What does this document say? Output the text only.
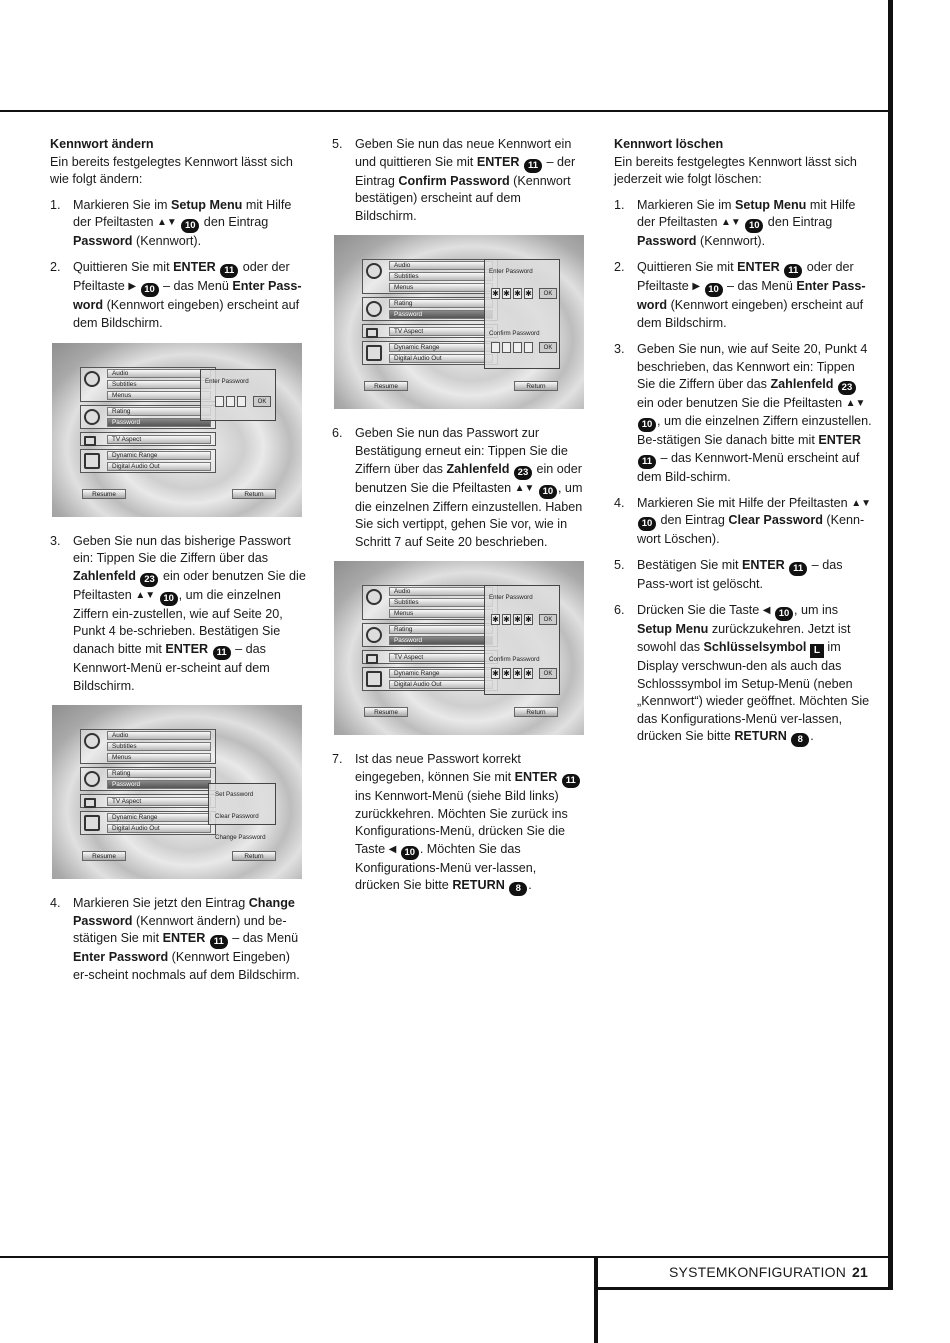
SYSTEMKONFIGURATION 21
Kennwort ändern
Ein bereits festgelegtes Kennwort lässt sich wie folgt ändern:
1. Markieren Sie im Setup Menu mit Hilfe der Pfeiltasten ▲▼ 10 den Eintrag Password (Kennwort).
2. Quittieren Sie mit ENTER 11 oder der Pfeiltaste ▶ 10 – das Menü Enter Pass-word (Kennwort eingeben) erscheint auf dem Bildschirm.
Audio
Subtitles
Menus
Rating
Password
TV Aspect
Dynamic Range
Digital Audio Out
Enter Password
OK
Resume	Return
3. Geben Sie nun das bisherige Passwort ein: Tippen Sie die Ziffern über das Zahlenfeld 23 ein oder benutzen Sie die Pfeiltasten ▲▼ 10 , um die einzelnen Ziffern ein-zustellen, wie auf Seite 20, Punkt 4 be-schrieben. Bestätigen Sie danach bitte mit ENTER 11 – das Kennwort-Menü er-scheint auf dem Bildschirm.
Audio
Subtitles
Menus
Rating
Password
TV Aspect
Dynamic Range
Digital Audio Out
Set Password
Clear Password
Change Password
Resume	Return
4. Markieren Sie jetzt den Eintrag Change Password (Kennwort ändern) und be-stätigen Sie mit ENTER 11 – das Menü Enter Password (Kennwort Eingeben) er-scheint nochmals auf dem Bildschirm.
5. Geben Sie nun das neue Kennwort ein und quittieren Sie mit ENTER 11 – der Eintrag Confirm Password (Kennwort bestätigen) erscheint auf dem Bildschirm.
Audio
Subtitles
Menus
Rating
Password
TV Aspect
Dynamic Range
Digital Audio Out
Enter Password
✱ ✱ ✱ ✱	OK
Confirm Password
OK
Resume	Return
6. Geben Sie nun das Passwort zur Bestätigung erneut ein: Tippen Sie die Ziffern über das Zahlenfeld 23 ein oder benutzen Sie die Pfeiltasten ▲▼ 10 , um die einzelnen Ziffern einzustellen. Haben Sie sich vertippt, gehen Sie vor, wie in Schritt 7 auf Seite 20 beschrieben.
Audio
Subtitles
Menus
Rating
Password
TV Aspect
Dynamic Range
Digital Audio Out
Enter Password
✱ ✱ ✱ ✱	OK
Confirm Password
✱ ✱ ✱ ✱	OK
Resume	Return
7. Ist das neue Passwort korrekt eingegeben, können Sie mit ENTER 11 ins Kennwort-Menü (siehe Bild links) zurückkehren. Möchten Sie zurück ins Konfigurations-Menü, drücken Sie die Taste ◀ 10 . Möchten Sie das Konfigurations-Menü ver-lassen, drücken Sie bitte RETURN 8 .
Kennwort löschen
Ein bereits festgelegtes Kennwort lässt sich jederzeit wie folgt löschen:
1. Markieren Sie im Setup Menu mit Hilfe der Pfeiltasten ▲▼ 10 den Eintrag Password (Kennwort).
2. Quittieren Sie mit ENTER 11 oder der Pfeiltaste ▶ 10 – das Menü Enter Pass-word (Kennwort eingeben) erscheint auf dem Bildschirm.
3. Geben Sie nun, wie auf Seite 20, Punkt 4 beschrieben, das Kennwort ein: Tippen Sie die Ziffern über das Zahlenfeld 23 ein oder benutzen Sie die Pfeiltasten ▲▼ 10 , um die einzelnen Ziffern einzustellen. Be-stätigen Sie danach bitte mit ENTER 11 – das Kennwort-Menü erscheint auf dem Bild-schirm.
4. Markieren Sie mit Hilfe der Pfeiltasten ▲▼ 10 den Eintrag Clear Password (Kenn-wort Löschen).
5. Bestätigen Sie mit ENTER 11 – das Pass-wort ist gelöscht.
6. Drücken Sie die Taste ◀ 10 , um ins Setup Menu zurückzukehren. Jetzt ist sowohl das Schlüsselsymbol L im Display verschwun-den als auch das Schlosssymbol im Setup-Menü (neben „Kennwort“) wieder geöffnet. Möchten Sie das Konfigurations-Menü ver-lassen, drücken Sie bitte RETURN 8 .
